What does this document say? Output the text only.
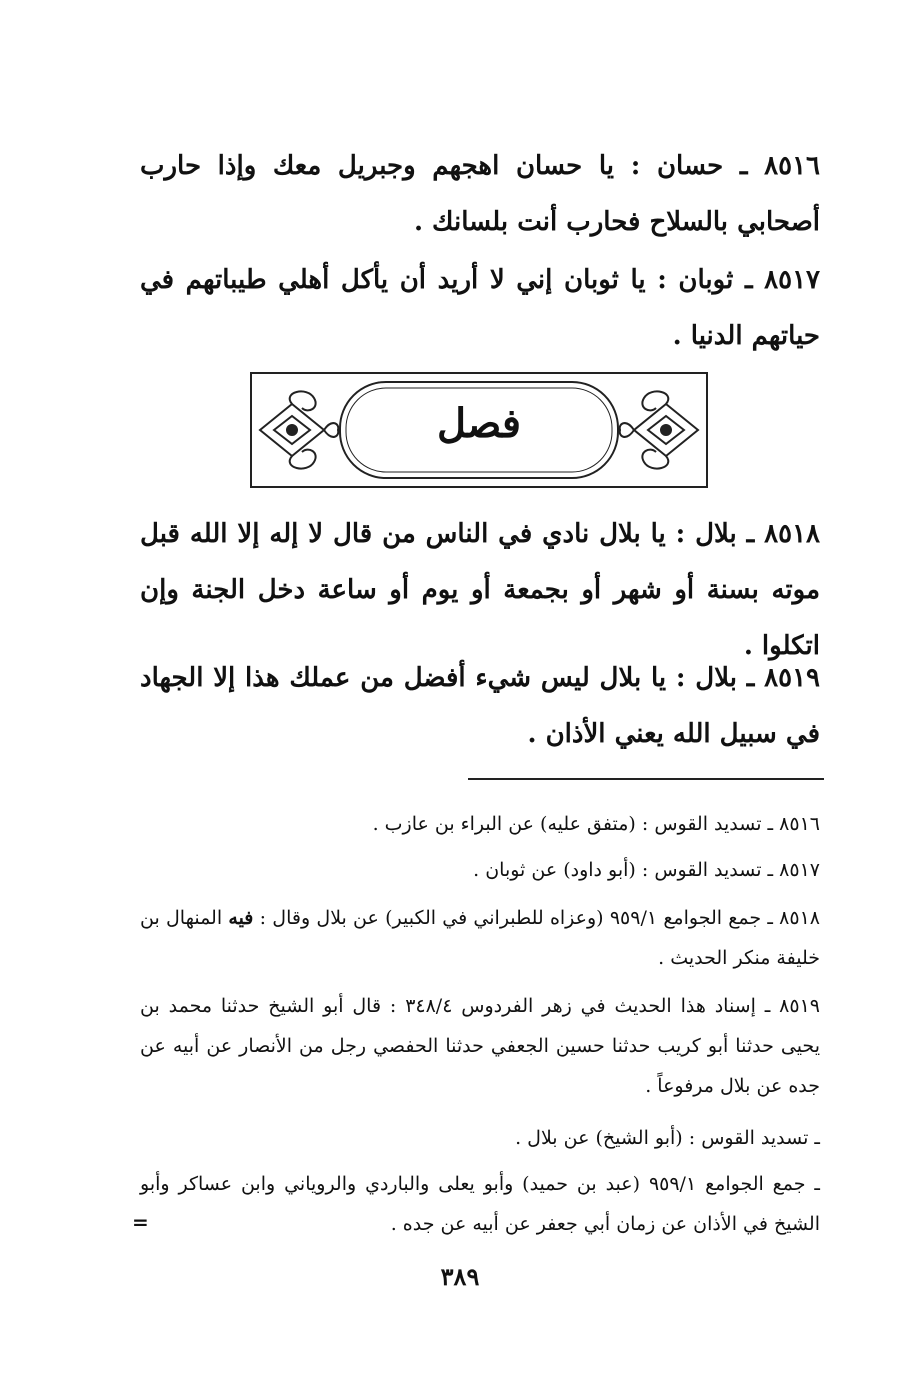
٨٥١٦ ـ حسان : يا حسان اهجهم وجبريل معك وإذا حارب أصحابي بالسلاح فحارب أنت بلسانك .
٨٥١٧ ـ ثوبان : يا ثوبان إني لا أريد أن يأكل أهلي طيباتهم في حياتهم الدنيا .
فصل
٨٥١٨ ـ بلال : يا بلال نادي في الناس من قال لا إله إلا الله قبل موته بسنة أو شهر أو بجمعة أو يوم أو ساعة دخل الجنة وإن اتكلوا .
٨٥١٩ ـ بلال : يا بلال ليس شيء أفضل من عملك هذا إلا الجهاد في سبيل الله يعني الأذان .
٨٥١٦ ـ تسديد القوس : (متفق عليه) عن البراء بن عازب .
٨٥١٧ ـ تسديد القوس : (أبو داود) عن ثوبان .
٨٥١٨ ـ جمع الجوامع ٩٥٩/١ (وعزاه للطبراني في الكبير) عن بلال وقال : فيه المنهال بن خليفة منكر الحديث .
٨٥١٩ ـ إسناد هذا الحديث في زهر الفردوس ٣٤٨/٤ : قال أبو الشيخ حدثنا محمد بن يحيى حدثنا أبو كريب حدثنا حسين الجعفي حدثنا الحفصي رجل من الأنصار عن أبيه عن جده عن بلال مرفوعاً .
ـ تسديد القوس : (أبو الشيخ) عن بلال .
ـ جمع الجوامع ٩٥٩/١ (عبد بن حميد) وأبو يعلى والباردي والروياني وابن عساكر وأبو الشيخ في الأذان عن زمان أبي جعفر عن أبيه عن جده .
=
٣٨٩
